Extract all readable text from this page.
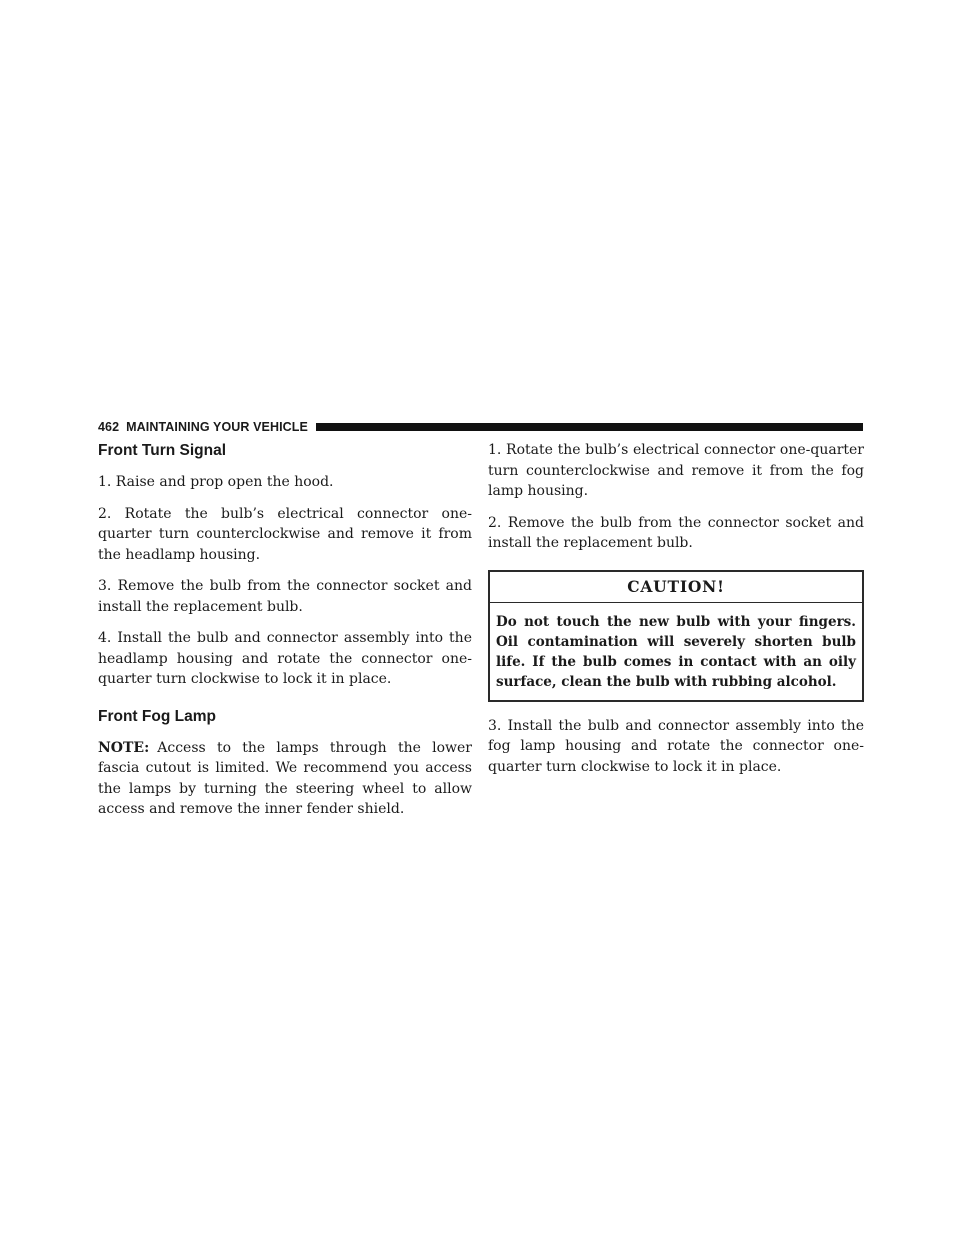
462 MAINTAINING YOUR VEHICLE
Front Turn Signal

1. Raise and prop open the hood.

2. Rotate the bulb’s electrical connector one-quarter turn counterclockwise and remove it from the headlamp housing.

3. Remove the bulb from the connector socket and install the replacement bulb.

4. Install the bulb and connector assembly into the headlamp housing and rotate the connector one-quarter turn clockwise to lock it in place.

Front Fog Lamp

NOTE: Access to the lamps through the lower fascia cutout is limited. We recommend you access the lamps by turning the steering wheel to allow access and remove the inner fender shield.

1. Rotate the bulb’s electrical connector one-quarter turn counterclockwise and remove it from the fog lamp housing.

2. Remove the bulb from the connector socket and install the replacement bulb.

CAUTION!
Do not touch the new bulb with your fingers. Oil contamination will severely shorten bulb life. If the bulb comes in contact with an oily surface, clean the bulb with rubbing alcohol.

3. Install the bulb and connector assembly into the fog lamp housing and rotate the connector one-quarter turn clockwise to lock it in place.
